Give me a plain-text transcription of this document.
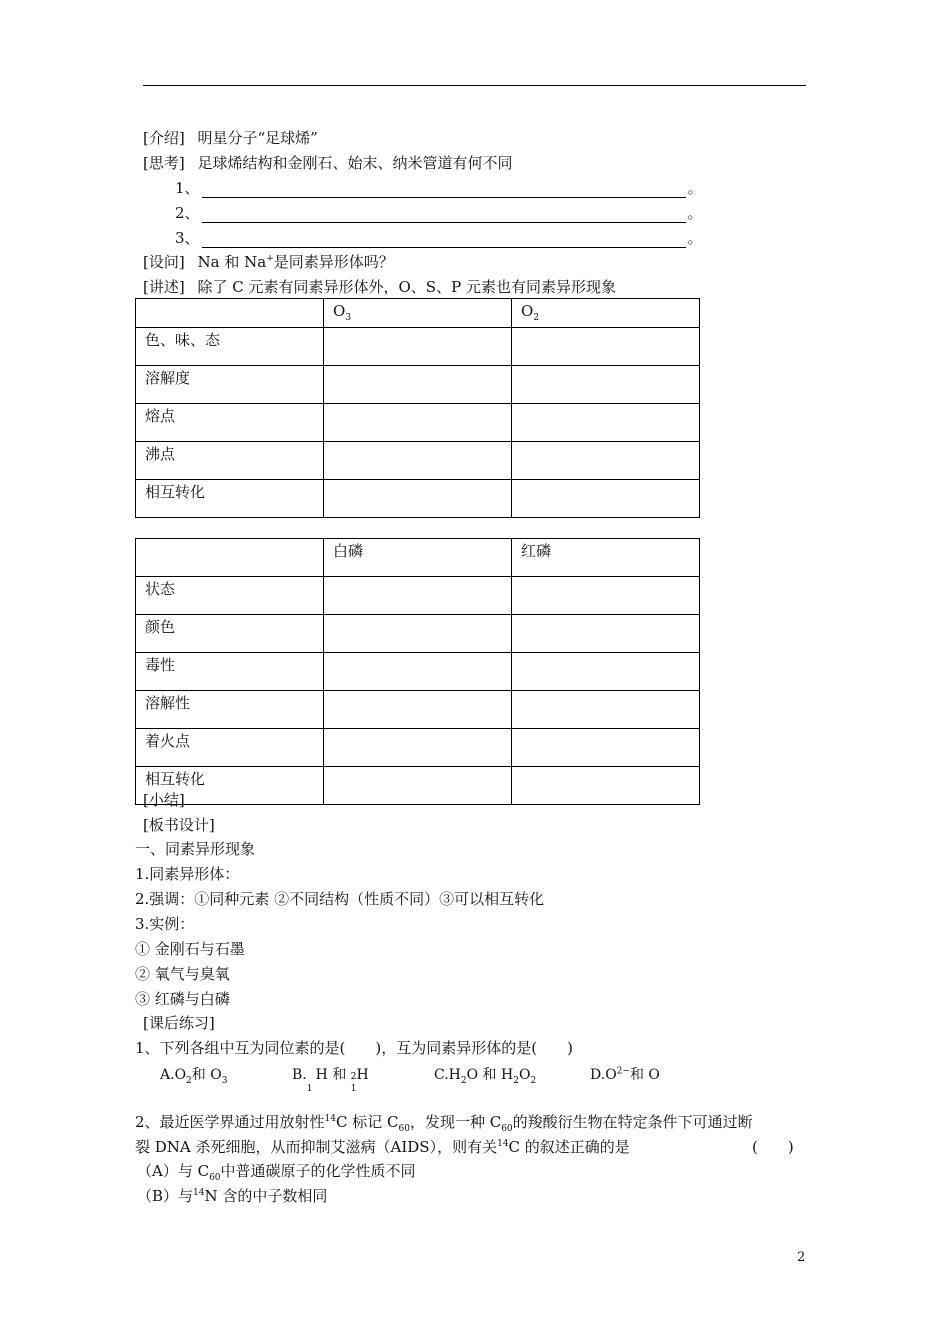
[介绍] 明星分子“足球烯”
[思考] 足球烯结构和金刚石、始末、纳米管道有何不同
1、	。
2、	。
3、	。
[设问] Na 和 Na+是同素异形体吗？
[讲述] 除了 C 元素有同素异形体外，O、S、P 元素也有同素异形现象
	$O_3$	$O_2$
色、味、态		
溶解度		
熔点		
沸点		
相互转化		
	白磷	红磷
状态		
颜色		
毒性		
溶解性		
着火点		
相互转化		
[小结]
[板书设计]
一、同素异形现象
1.同素异形体：
2.强调：①同种元素 ②不同结构（性质不同）③可以相互转化
3.实例：
① 金刚石与石墨
② 氧气与臭氧
③ 红磷与白磷
[课后练习]
1、下列各组中互为同位素的是(　　)，互为同素异形体的是(　　)
$A.O_2$和 $O_3$	B.
1
H 和
1
2H	$C.H_2O$ 和 $H_2O_2$	$D.O^{2-}$和 O
2、最近医学界通过用放射性$^{14}$C 标记 $C_{60}$，发现一种 $C_{60}$的羧酸衍生物在特定条件下可通过断
裂 DNA 杀死细胞，从而抑制艾滋病（AIDS），则有关$^{14}$C 的叙述正确的是	(　　)
（A）与 $C_{60}$中普通碳原子的化学性质不同
（B）与$^{14}$N 含的中子数相同
2
